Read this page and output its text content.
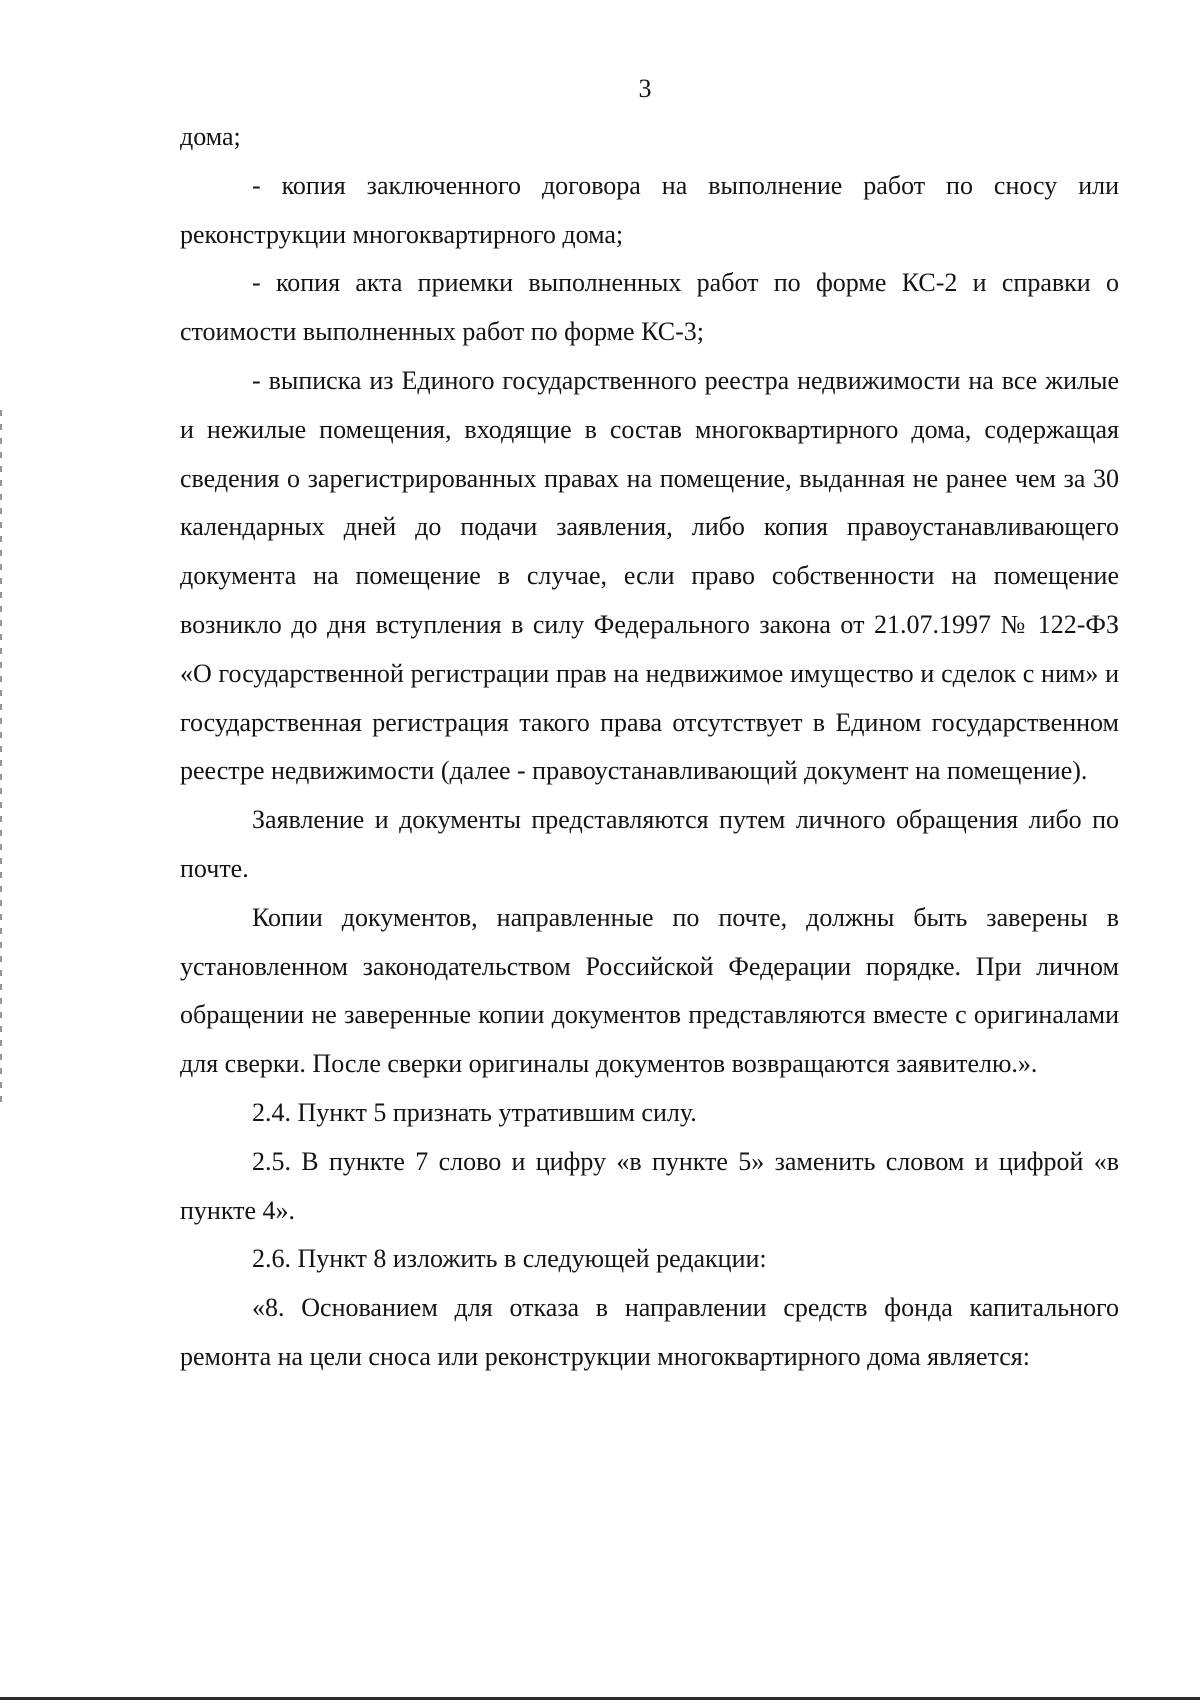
3

дома;

- копия заключенного договора на выполнение работ по сносу или реконструкции многоквартирного дома;

- копия акта приемки выполненных работ по форме КС-2 и справки о стоимости выполненных работ по форме КС-3;

- выписка из Единого государственного реестра недвижимости на все жилые и нежилые помещения, входящие в состав многоквартирного дома, содержащая сведения о зарегистрированных правах на помещение, выданная не ранее чем за 30 календарных дней до подачи заявления, либо копия правоустанавливающего документа на помещение в случае, если право собственности на помещение возникло до дня вступления в силу Федерального закона от 21.07.1997 № 122-ФЗ «О государственной регистрации прав на недвижимое имущество и сделок с ним» и государственная регистрация такого права отсутствует в Едином государственном реестре недвижимости (далее - правоустанавливающий документ на помещение).

Заявление и документы представляются путем личного обращения либо по почте.

Копии документов, направленные по почте, должны быть заверены в установленном законодательством Российской Федерации порядке. При личном обращении не заверенные копии документов представляются вместе с оригиналами для сверки. После сверки оригиналы документов возвращаются заявителю.».

2.4. Пункт 5 признать утратившим силу.

2.5. В пункте 7 слово и цифру «в пункте 5» заменить словом и цифрой «в пункте 4».

2.6. Пункт 8 изложить в следующей редакции:

«8. Основанием для отказа в направлении средств фонда капитального ремонта на цели сноса или реконструкции многоквартирного дома является:
